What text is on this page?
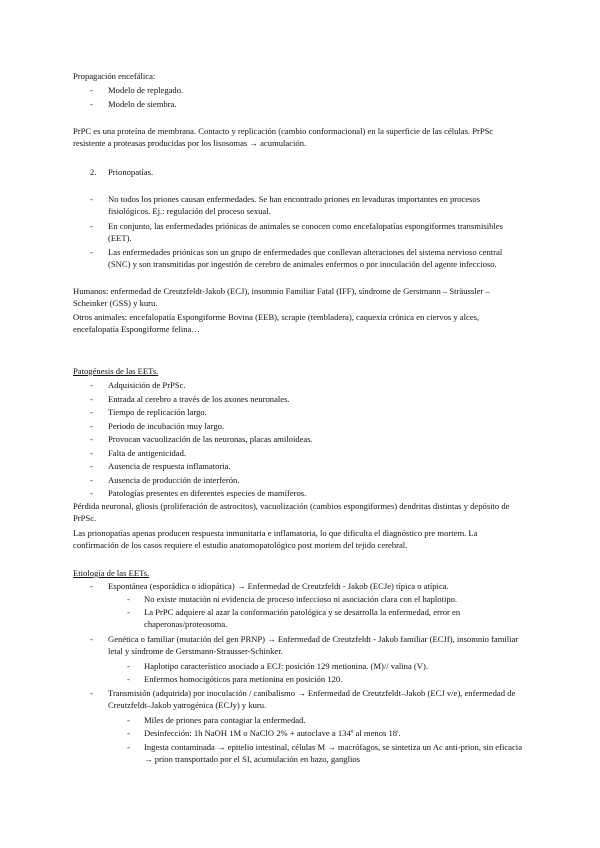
Propagación encefálica:
- Modelo de replegado.
- Modelo de siembra.
PrPC es una proteína de membrana. Contacto y replicación (cambio conformacional) en la superficie de las células. PrPSc resistente a proteasas producidas por los lisosomas → acumulación.
2. Prionopatías.
- No todos los priones causan enfermedades. Se han encontrado priones en levaduras importantes en procesos fisiológicos. Ej.: regulación del proceso sexual.
- En conjunto, las enfermedades priónicas de animales se conocen como encefalopatías espongiformes transmisibles (EET).
- Las enfermedades priónicas son un grupo de enfermedades que conllevan alteraciones del sistema nervioso central (SNC) y son transmitidas por ingestión de cerebro de animales enfermos o por inoculación del agente infeccioso.
Humanos: enfermedad de Creutzfeldt-Jakob (ECJ), insomnio Familiar Fatal (IFF), síndrome de Gerstmann – Sträussler – Scheinker (GSS) y kuru.
Otros animales: encefalopatía Espongiforme Bovina (EEB), scrapie (tembladera), caquexia crónica en ciervos y alces, encefalopatía Espongiforme felina…
Patogénesis de las EETs.
- Adquisición de PrPSc.
- Entrada al cerebro a través de los axones neuronales.
- Tiempo de replicación largo.
- Periodo de incubación muy largo.
- Provocan vacuolización de las neuronas, placas amiloideas.
- Falta de antigenicidad.
- Ausencia de respuesta inflamatoria.
- Ausencia de producción de interferón.
- Patologías presentes en diferentes especies de mamíferos.
Pérdida neuronal, gliosis (proliferación de astrocitos), vacuolización (cambios espongiformes) dendritas distintas y depósito de PrPSc.
Las prionopatías apenas producen respuesta inmunitaria e inflamatoria, lo que dificulta el diagnóstico pre mortem. La confirmación de los casos requiere el estudio anatomopatológico post mortem del tejido cerebral.
Etiología de las EETs.
- Espontánea (esporádica o idiopática) → Enfermedad de Creutzfeldt - Jakob (ECJe) típica o atípica.
- No existe mutación ni evidencia de proceso infeccioso ni asociación clara con el haplotipo.
- La PrPC adquiere al azar la conformación patológica y se desarrolla la enfermedad, error en chaperonas/proteosoma.
- Genética o familiar (mutación del gen PRNP) → Enfermedad de Creutzfeldt - Jakob familiar (ECJf), insomnio familiar letal y síndrome de Gerstmann-Strausser-Schinker.
- Haplotipo característico asociado a ECJ: posición 129 metionina. (M)// valina (V).
- Enfermos homocigóticos para metionina en posición 120.
- Transmisión (adquirida) por inoculación / canibalismo → Enfermedad de Creutzfeldt–Jakob (ECJ v/e), enfermedad de Creutzfeldt–Jakob yatrogénica (ECJy) y kuru.
- Miles de priones para contagiar la enfermedad.
- Desinfección: 1h NaOH 1M o NaClO 2% + autoclave a 134º al menos 18'.
- Ingesta contaminada → epitelio intestinal, células M → macrófagos, se sintetiza un Ac anti-prion, sin eficacia → prion transportado por el SI, acumulación en bazo, ganglios
